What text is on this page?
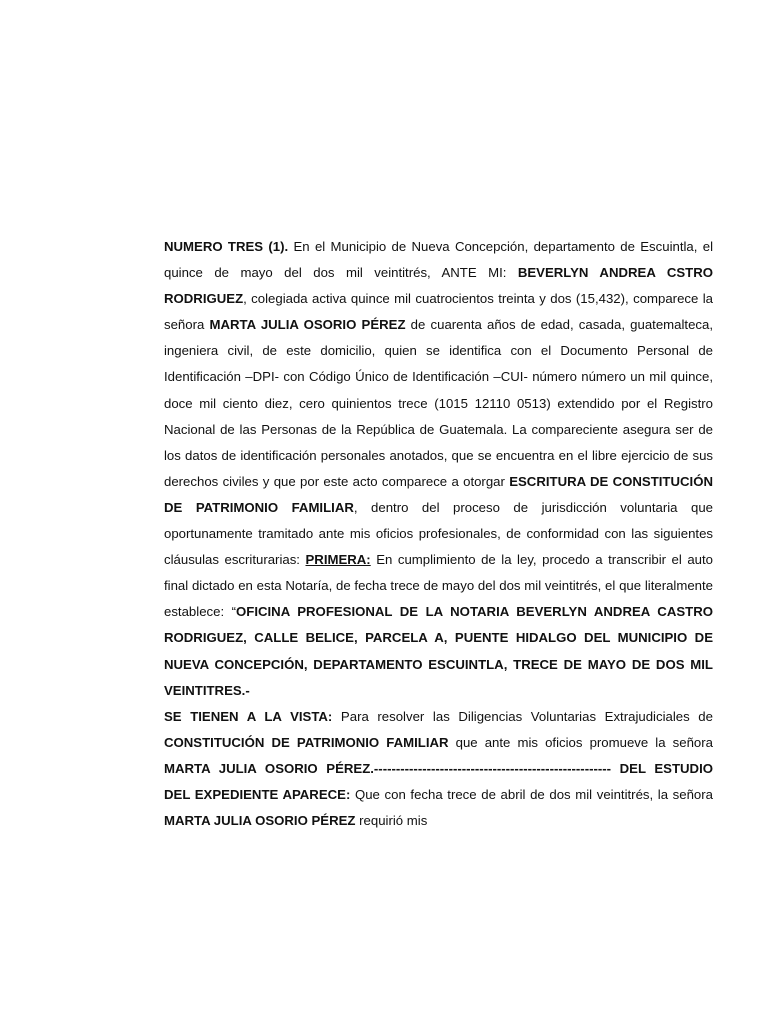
NUMERO TRES (1). En el Municipio de Nueva Concepción, departamento de Escuintla, el quince de mayo del dos mil veintitrés, ANTE MI: BEVERLYN ANDREA CSTRO RODRIGUEZ, colegiada activa quince mil cuatrocientos treinta y dos (15,432), comparece la señora MARTA JULIA OSORIO PÉREZ de cuarenta años de edad, casada, guatemalteca, ingeniera civil, de este domicilio, quien se identifica con el Documento Personal de Identificación –DPI- con Código Único de Identificación –CUI- número número un mil quince, doce mil ciento diez, cero quinientos trece (1015 12110 0513) extendido por el Registro Nacional de las Personas de la República de Guatemala. La compareciente asegura ser de los datos de identificación personales anotados, que se encuentra en el libre ejercicio de sus derechos civiles y que por este acto comparece a otorgar ESCRITURA DE CONSTITUCIÓN DE PATRIMONIO FAMILIAR, dentro del proceso de jurisdicción voluntaria que oportunamente tramitado ante mis oficios profesionales, de conformidad con las siguientes cláusulas escriturarias: PRIMERA: En cumplimiento de la ley, procedo a transcribir el auto final dictado en esta Notaría, de fecha trece de mayo del dos mil veintitrés, el que literalmente establece: “OFICINA PROFESIONAL DE LA NOTARIA BEVERLYN ANDREA CASTRO RODRIGUEZ, CALLE BELICE, PARCELA A, PUENTE HIDALGO DEL MUNICIPIO DE NUEVA CONCEPCIÓN, DEPARTAMENTO ESCUINTLA, TRECE DE MAYO DE DOS MIL VEINTITRES.-

SE TIENEN A LA VISTA: Para resolver las Diligencias Voluntarias Extrajudiciales de CONSTITUCIÓN DE PATRIMONIO FAMILIAR que ante mis oficios promueve la señora MARTA JULIA OSORIO PÉREZ.------------------------------------------------------ DEL ESTUDIO DEL EXPEDIENTE APARECE: Que con fecha trece de abril de dos mil veintitrés, la señora MARTA JULIA OSORIO PÉREZ requirió mis
